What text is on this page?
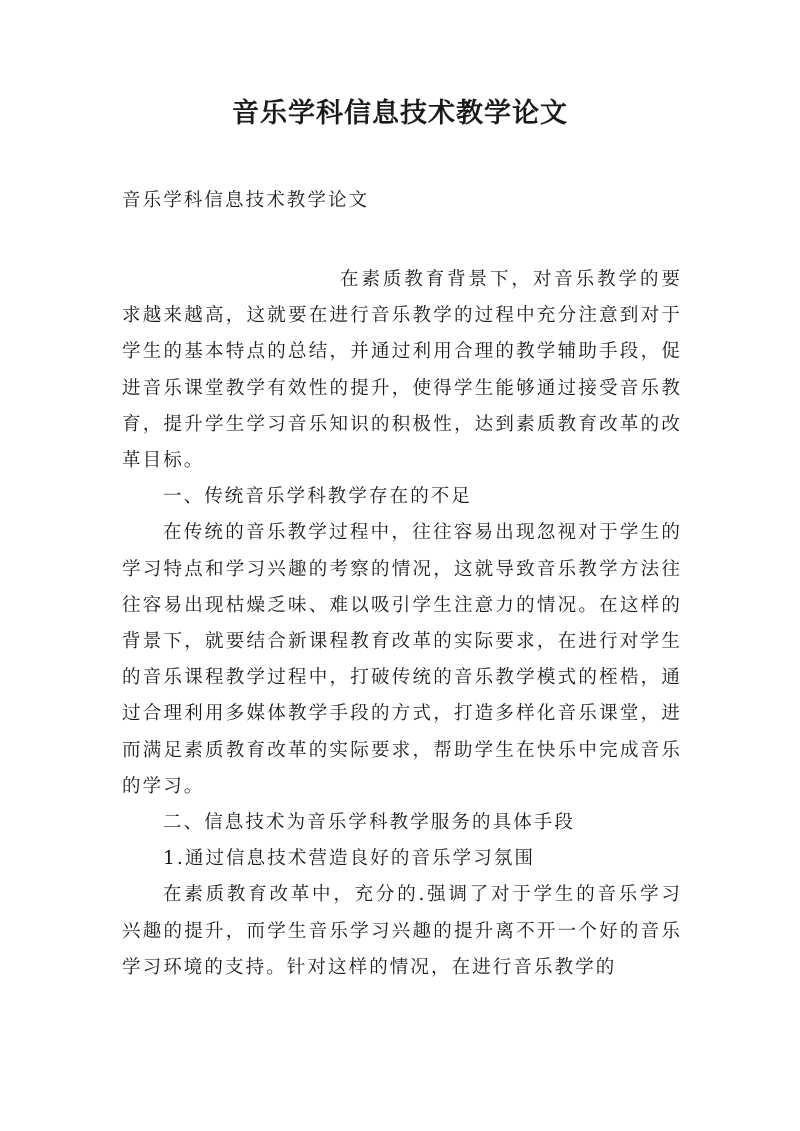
音乐学科信息技术教学论文
音乐学科信息技术教学论文

在素质教育背景下，对音乐教学的要求越来越高，这就要在进行音乐教学的过程中充分注意到对于学生的基本特点的总结，并通过利用合理的教学辅助手段，促进音乐课堂教学有效性的提升，使得学生能够通过接受音乐教育，提升学生学习音乐知识的积极性，达到素质教育改革的改革目标。

一、传统音乐学科教学存在的不足

在传统的音乐教学过程中，往往容易出现忽视对于学生的学习特点和学习兴趣的考察的情况，这就导致音乐教学方法往往容易出现枯燥乏味、难以吸引学生注意力的情况。在这样的背景下，就要结合新课程教育改革的实际要求，在进行对学生的音乐课程教学过程中，打破传统的音乐教学模式的桎梏，通过合理利用多媒体教学手段的方式，打造多样化音乐课堂，进而满足素质教育改革的实际要求，帮助学生在快乐中完成音乐的学习。

二、信息技术为音乐学科教学服务的具体手段

1.通过信息技术营造良好的音乐学习氛围

在素质教育改革中，充分的.强调了对于学生的音乐学习兴趣的提升，而学生音乐学习兴趣的提升离不开一个好的音乐学习环境的支持。针对这样的情况，在进行音乐教学的
